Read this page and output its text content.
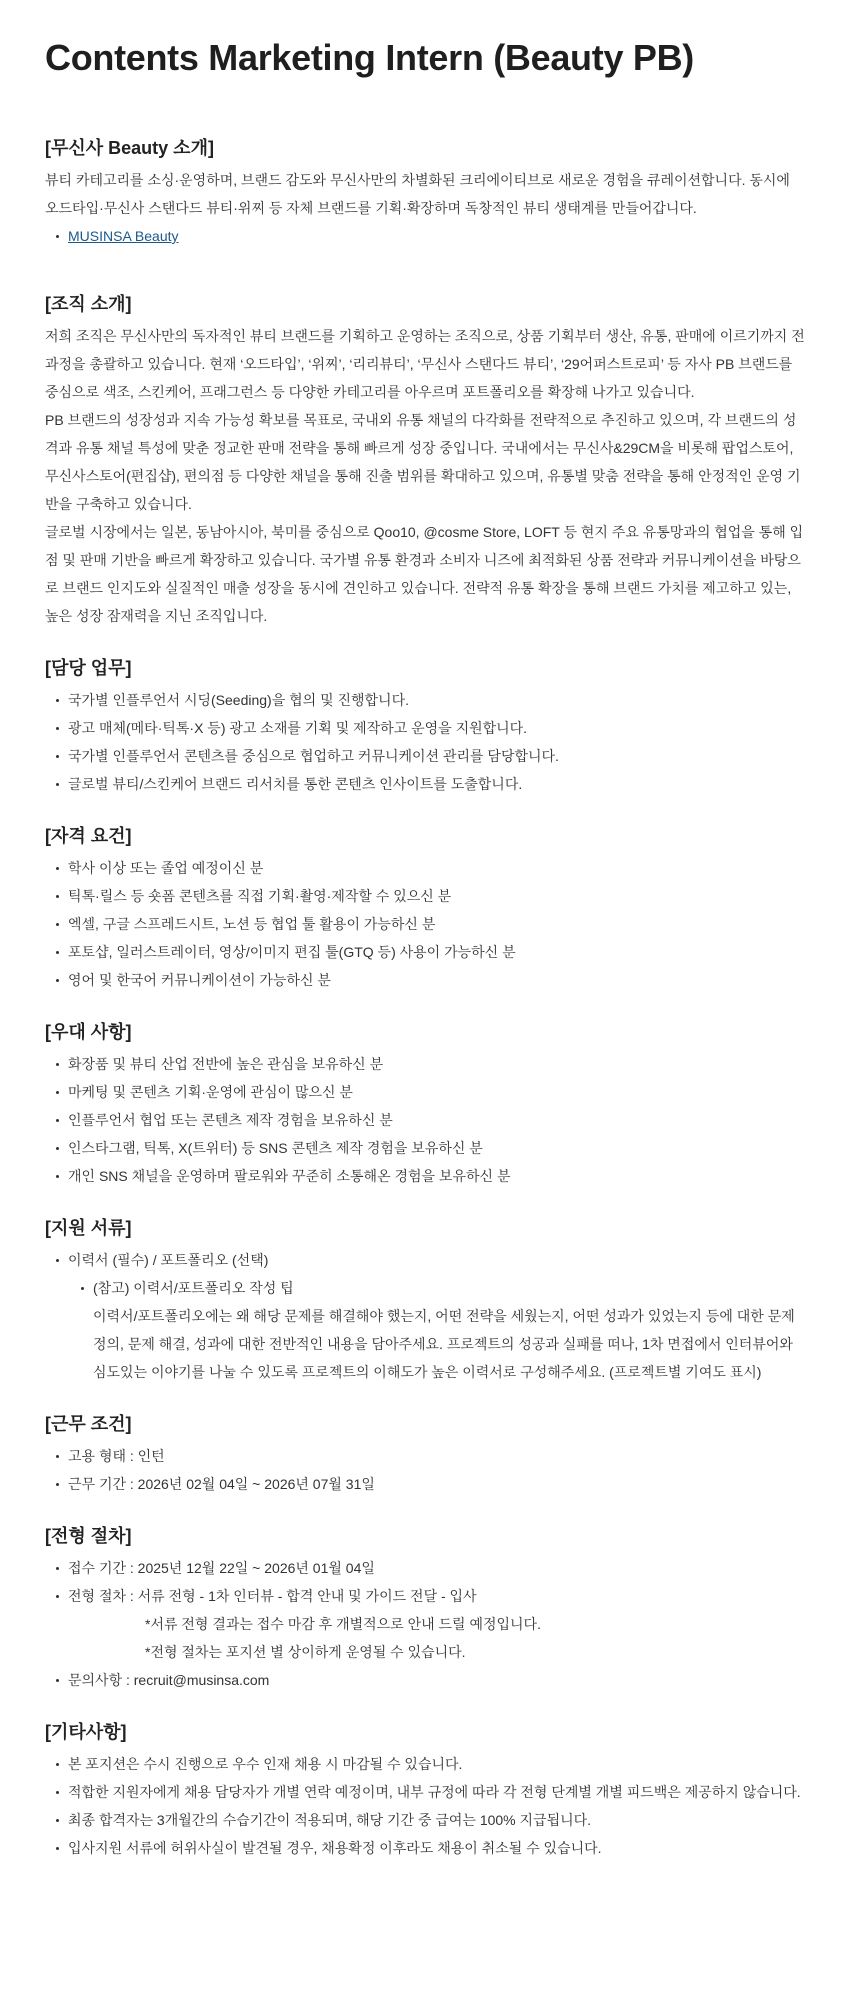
Contents Marketing Intern (Beauty PB)
[무신사 Beauty 소개]

뷰티 카테고리를 소싱·운영하며, 브랜드 감도와 무신사만의 차별화된 크리에이티브로 새로운 경험을 큐레이션합니다. 동시에 오드타입·무신사 스탠다드 뷰티·위찌 등 자체 브랜드를 기획·확장하며 독창적인 뷰티 생태계를 만들어갑니다.

MUSINSA Beauty
[조직 소개]

저희 조직은 무신사만의 독자적인 뷰티 브랜드를 기획하고 운영하는 조직으로, 상품 기획부터 생산, 유통, 판매에 이르기까지 전 과정을 총괄하고 있습니다. 현재 ‘오드타입’, ‘위찌’, ‘리리뷰티’, ‘무신사 스탠다드 뷰티’, ‘29어퍼스트로피’ 등 자사 PB 브랜드를 중심으로 색조, 스킨케어, 프래그런스 등 다양한 카테고리를 아우르며 포트폴리오를 확장해 나가고 있습니다.

PB 브랜드의 성장성과 지속 가능성 확보를 목표로, 국내외 유통 채널의 다각화를 전략적으로 추진하고 있으며, 각 브랜드의 성격과 유통 채널 특성에 맞춘 정교한 판매 전략을 통해 빠르게 성장 중입니다. 국내에서는 무신사&29CM을 비롯해 팝업스토어, 무신사스토어(편집샵), 편의점 등 다양한 채널을 통해 진출 범위를 확대하고 있으며, 유통별 맞춤 전략을 통해 안정적인 운영 기반을 구축하고 있습니다.

글로벌 시장에서는 일본, 동남아시아, 북미를 중심으로 Qoo10, @cosme Store, LOFT 등 현지 주요 유통망과의 협업을 통해 입점 및 판매 기반을 빠르게 확장하고 있습니다. 국가별 유통 환경과 소비자 니즈에 최적화된 상품 전략과 커뮤니케이션을 바탕으로 브랜드 인지도와 실질적인 매출 성장을 동시에 견인하고 있습니다. 전략적 유통 확장을 통해 브랜드 가치를 제고하고 있는, 높은 성장 잠재력을 지닌 조직입니다.

[담당 업무]
국가별 인플루언서 시딩(Seeding)을 협의 및 진행합니다.
광고 매체(메타·틱톡·X 등) 광고 소재를 기획 및 제작하고 운영을 지원합니다.
국가별 인플루언서 콘텐츠를 중심으로 협업하고 커뮤니케이션 관리를 담당합니다.
글로벌 뷰티/스킨케어 브랜드 리서치를 통한 콘텐츠 인사이트를 도출합니다.
[자격 요건]
학사 이상 또는 졸업 예정이신 분
틱톡·릴스 등 숏폼 콘텐츠를 직접 기획·촬영·제작할 수 있으신 분
엑셀, 구글 스프레드시트, 노션 등 협업 툴 활용이 가능하신 분
포토샵, 일러스트레이터, 영상/이미지 편집 툴(GTQ 등) 사용이 가능하신 분
영어 및 한국어 커뮤니케이션이 가능하신 분
[우대 사항]
화장품 및 뷰티 산업 전반에 높은 관심을 보유하신 분
마케팅 및 콘텐츠 기획·운영에 관심이 많으신 분
인플루언서 협업 또는 콘텐츠 제작 경험을 보유하신 분
인스타그램, 틱톡, X(트위터) 등 SNS 콘텐츠 제작 경험을 보유하신 분
개인 SNS 채널을 운영하며 팔로워와 꾸준히 소통해온 경험을 보유하신 분
[지원 서류]
이력서 (필수) / 포트폴리오 (선택)
(참고) 이력서/포트폴리오 작성 팁
이력서/포트폴리오에는 왜 해당 문제를 해결해야 했는지, 어떤 전략을 세웠는지, 어떤 성과가 있었는지 등에 대한 문제 정의, 문제 해결, 성과에 대한 전반적인 내용을 담아주세요. 프로젝트의 성공과 실패를 떠나, 1차 면접에서 인터뷰어와 심도있는 이야기를 나눌 수 있도록 프로젝트의 이해도가 높은 이력서로 구성해주세요. (프로젝트별 기여도 표시)
[근무 조건]
고용 형태 : 인턴
근무 기간 : 2026년 02월 04일 ~ 2026년 07월 31일
[전형 절차]
접수 기간 : 2025년 12월 22일 ~ 2026년 01월 04일
전형 절차 : 서류 전형 - 1차 인터뷰 - 합격 안내 및 가이드 전달 - 입사
*서류 전형 결과는 접수 마감 후 개별적으로 안내 드릴 예정입니다.
*전형 절차는 포지션 별 상이하게 운영될 수 있습니다.
문의사항 : recruit@musinsa.com
[기타사항]
본 포지션은 수시 진행으로 우수 인재 채용 시 마감될 수 있습니다.
적합한 지원자에게 채용 담당자가 개별 연락 예정이며, 내부 규정에 따라 각 전형 단계별 개별 피드백은 제공하지 않습니다.
최종 합격자는 3개월간의 수습기간이 적용되며, 해당 기간 중 급여는 100% 지급됩니다.
입사지원 서류에 허위사실이 발견될 경우, 채용확정 이후라도 채용이 취소될 수 있습니다.
